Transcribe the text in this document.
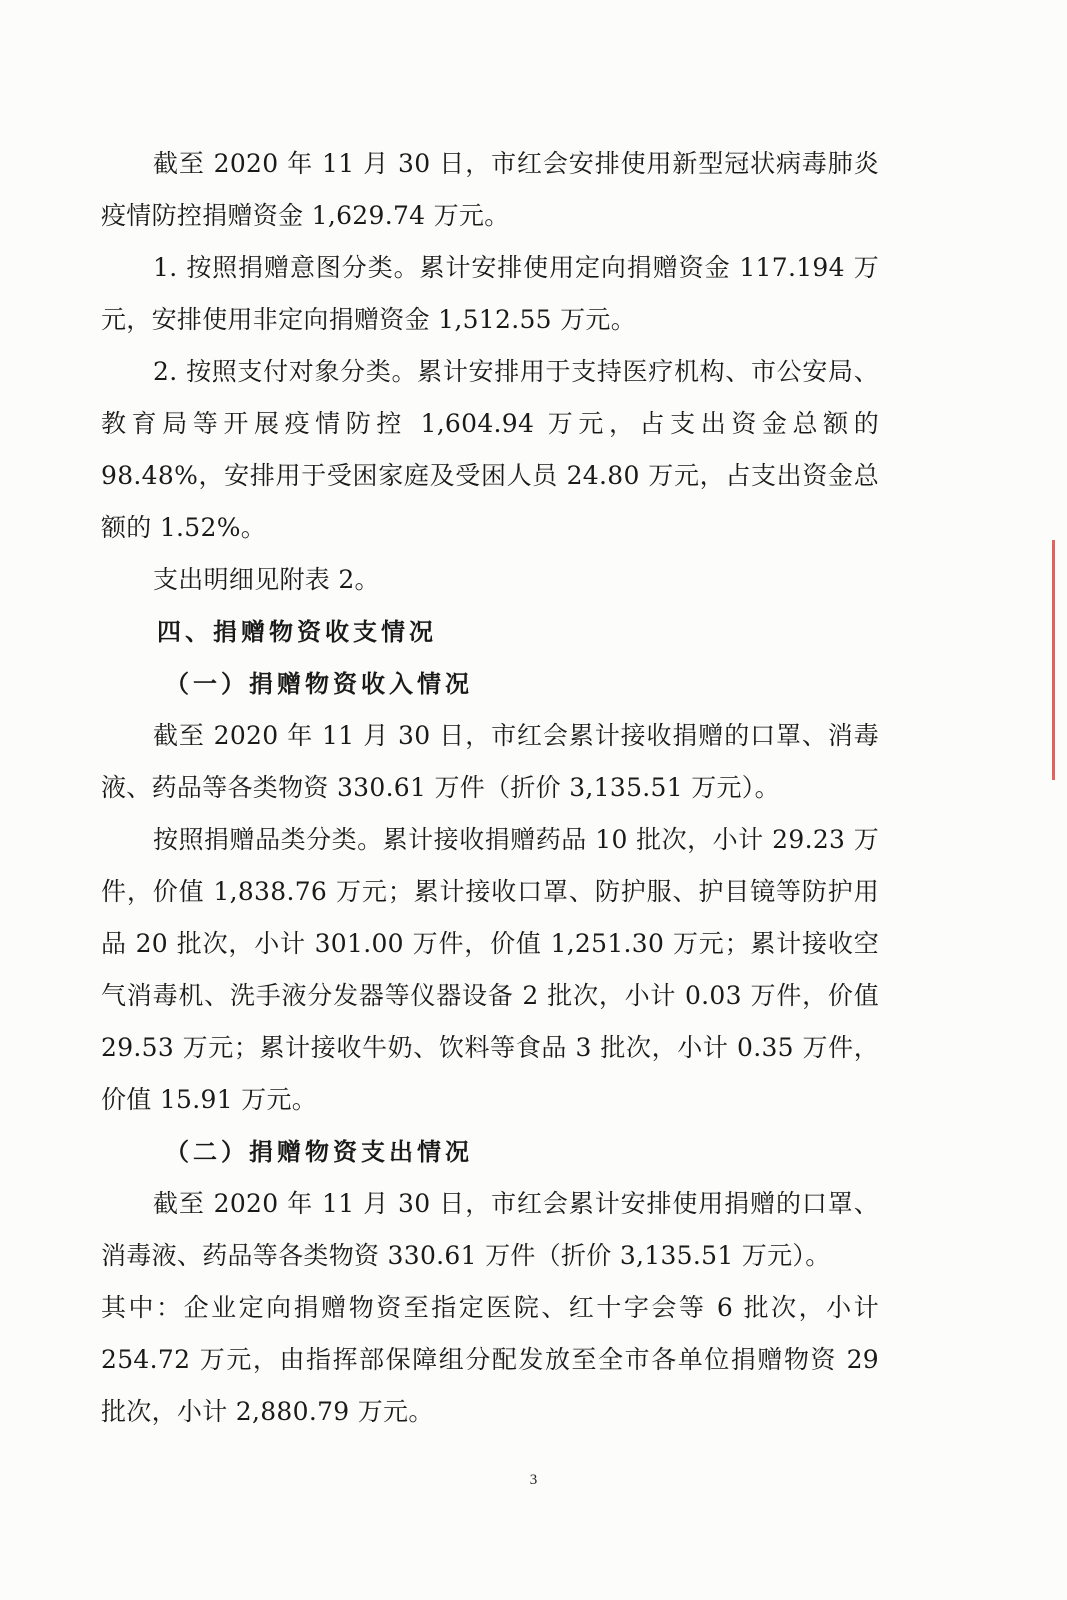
截至 2020 年 11 月 30 日，市红会安排使用新型冠状病毒肺炎疫情防控捐赠资金 1,629.74 万元。

1. 按照捐赠意图分类。累计安排使用定向捐赠资金 117.194 万元，安排使用非定向捐赠资金 1,512.55 万元。

2. 按照支付对象分类。累计安排用于支持医疗机构、市公安局、教育局等开展疫情防控 1,604.94 万元，占支出资金总额的 98.48%，安排用于受困家庭及受困人员 24.80 万元，占支出资金总额的 1.52%。

支出明细见附表 2。

四、捐赠物资收支情况
（一）捐赠物资收入情况

截至 2020 年 11 月 30 日，市红会累计接收捐赠的口罩、消毒液、药品等各类物资 330.61 万件（折价 3,135.51 万元）。

按照捐赠品类分类。累计接收捐赠药品 10 批次，小计 29.23 万件，价值 1,838.76 万元；累计接收口罩、防护服、护目镜等防护用品 20 批次，小计 301.00 万件，价值 1,251.30 万元；累计接收空气消毒机、洗手液分发器等仪器设备 2 批次，小计 0.03 万件，价值 29.53 万元；累计接收牛奶、饮料等食品 3 批次，小计 0.35 万件，价值 15.91 万元。

（二）捐赠物资支出情况

截至 2020 年 11 月 30 日，市红会累计安排使用捐赠的口罩、消毒液、药品等各类物资 330.61 万件（折价 3,135.51 万元）。

其中：企业定向捐赠物资至指定医院、红十字会等 6 批次，小计 254.72 万元，由指挥部保障组分配发放至全市各单位捐赠物资 29 批次，小计 2,880.79 万元。

3
